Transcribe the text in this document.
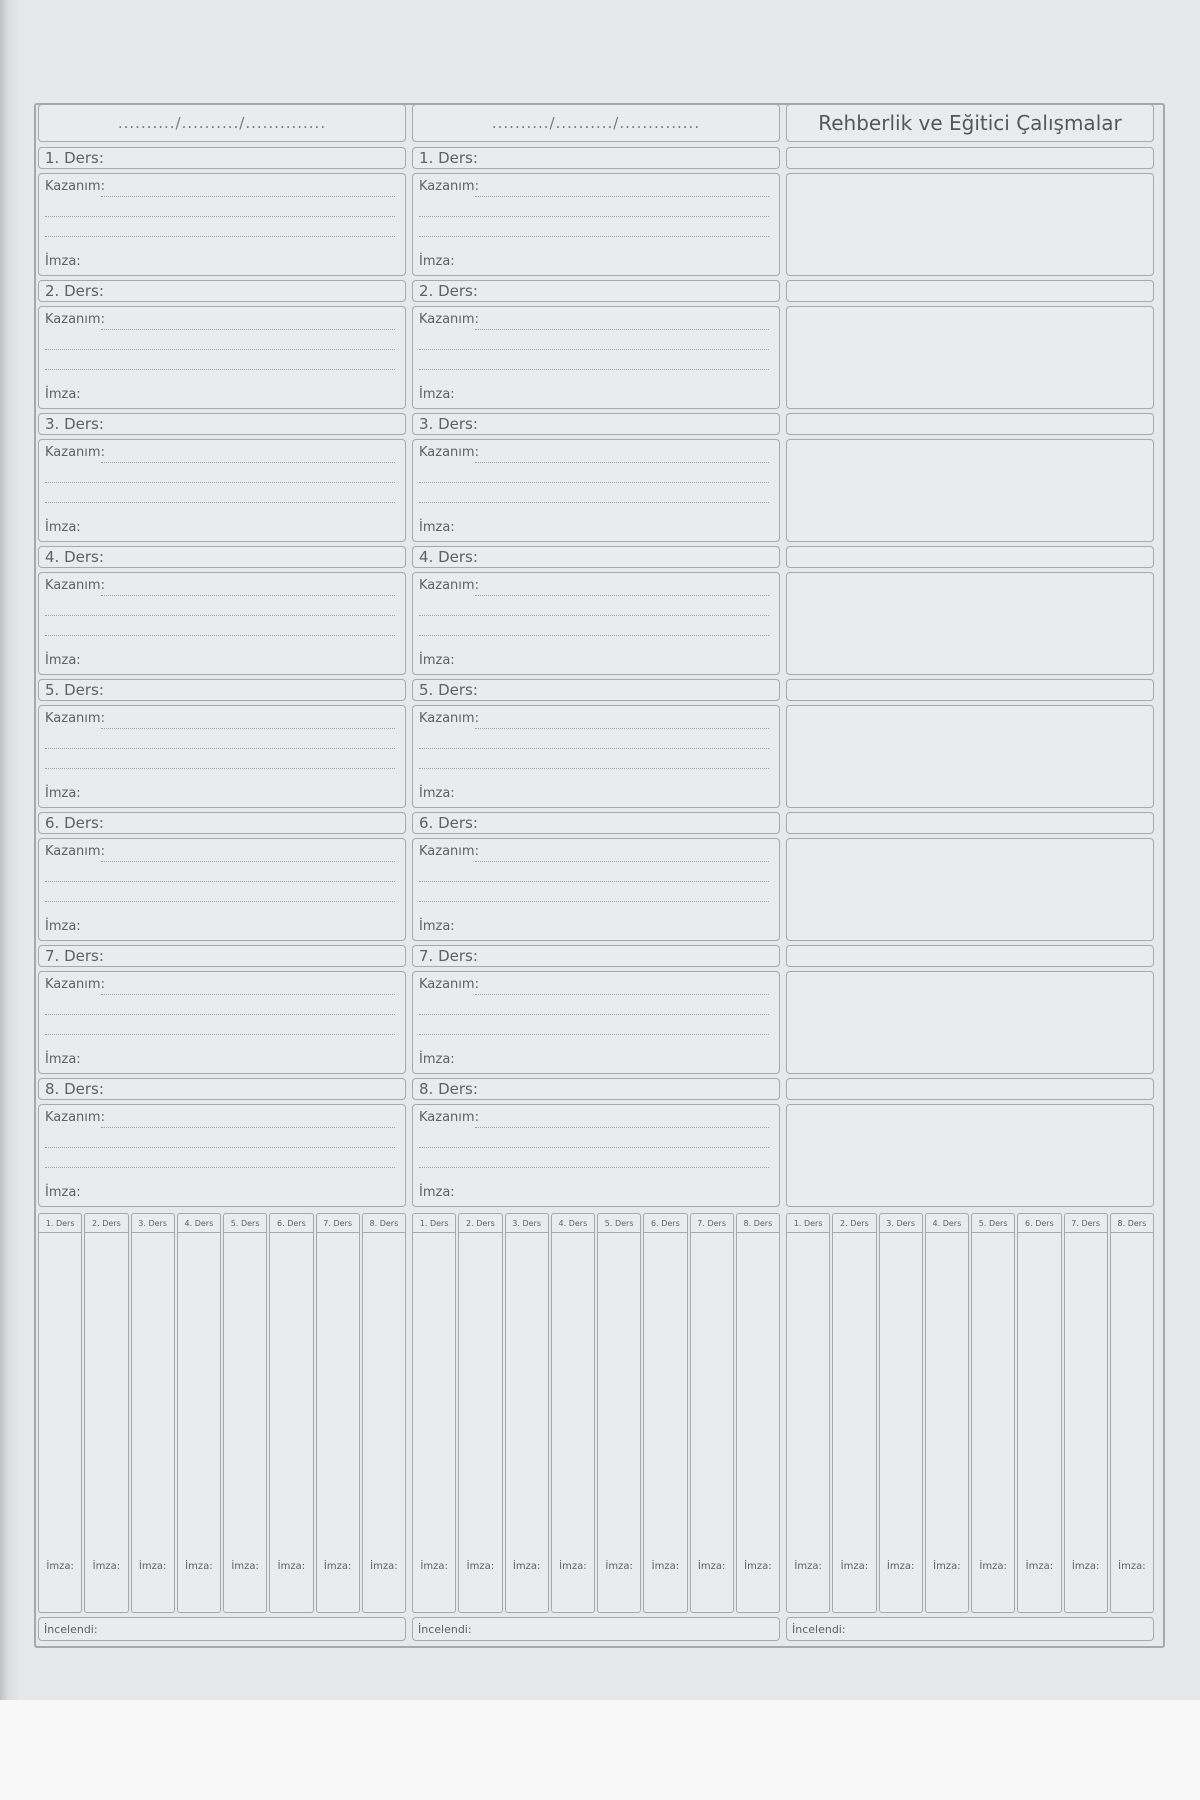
........../........../..............
1. Ders:
Kazanım:
İmza:
2. Ders:
Kazanım:
İmza:
3. Ders:
Kazanım:
İmza:
4. Ders:
Kazanım:
İmza:
5. Ders:
Kazanım:
İmza:
6. Ders:
Kazanım:
İmza:
7. Ders:
Kazanım:
İmza:
8. Ders:
Kazanım:
İmza:
1. Ders
İmza:
2. Ders
İmza:
3. Ders
İmza:
4. Ders
İmza:
5. Ders
İmza:
6. Ders
İmza:
7. Ders
İmza:
8. Ders
İmza:
İncelendi:
........../........../..............
1. Ders:
Kazanım:
İmza:
2. Ders:
Kazanım:
İmza:
3. Ders:
Kazanım:
İmza:
4. Ders:
Kazanım:
İmza:
5. Ders:
Kazanım:
İmza:
6. Ders:
Kazanım:
İmza:
7. Ders:
Kazanım:
İmza:
8. Ders:
Kazanım:
İmza:
1. Ders
İmza:
2. Ders
İmza:
3. Ders
İmza:
4. Ders
İmza:
5. Ders
İmza:
6. Ders
İmza:
7. Ders
İmza:
8. Ders
İmza:
İncelendi:
Rehberlik ve Eğitici Çalışmalar
1. Ders
İmza:
2. Ders
İmza:
3. Ders
İmza:
4. Ders
İmza:
5. Ders
İmza:
6. Ders
İmza:
7. Ders
İmza:
8. Ders
İmza:
İncelendi:
